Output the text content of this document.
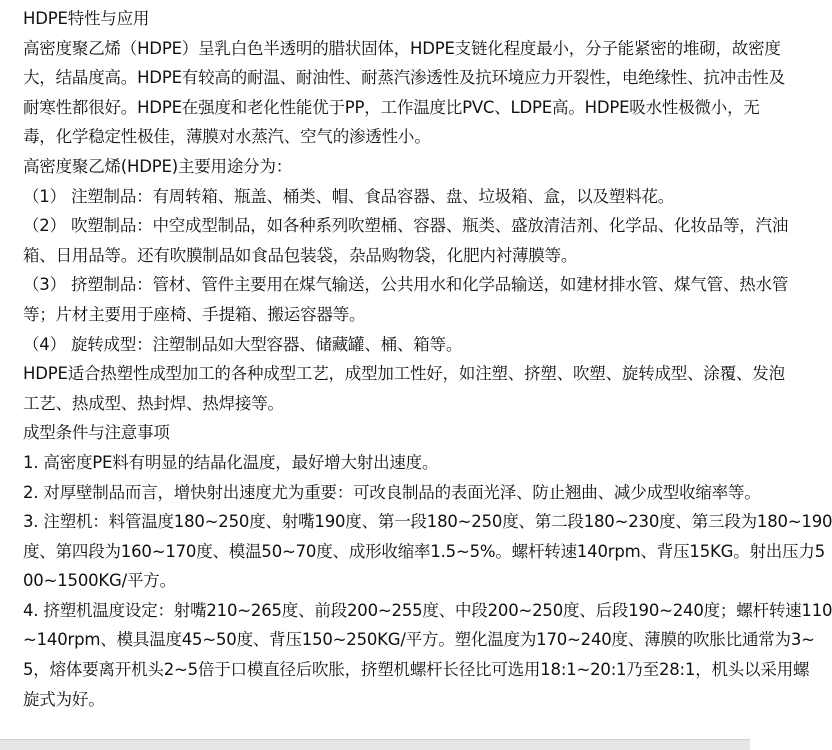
HDPE特性与应用
高密度聚乙烯（HDPE）呈乳白色半透明的腊状固体，HDPE支链化程度最小，分子能紧密的堆砌，故密度
大，结晶度高。HDPE有较高的耐温、耐油性、耐蒸汽渗透性及抗环境应力开裂性，电绝缘性、抗冲击性及
耐寒性都很好。HDPE在强度和老化性能优于PP，工作温度比PVC、LDPE高。HDPE吸水性极微小，无
毒，化学稳定性极佳，薄膜对水蒸汽、空气的渗透性小。
高密度聚乙烯(HDPE)主要用途分为：
（1） 注塑制品：有周转箱、瓶盖、桶类、帽、食品容器、盘、垃圾箱、盒，以及塑料花。
（2） 吹塑制品：中空成型制品，如各种系列吹塑桶、容器、瓶类、盛放清洁剂、化学品、化妆品等，汽油
箱、日用品等。还有吹膜制品如食品包装袋，杂品购物袋，化肥内衬薄膜等。
（3） 挤塑制品：管材、管件主要用在煤气输送，公共用水和化学品输送，如建材排水管、煤气管、热水管
等；片材主要用于座椅、手提箱、搬运容器等。
（4） 旋转成型：注塑制品如大型容器、储藏罐、桶、箱等。
HDPE适合热塑性成型加工的各种成型工艺，成型加工性好，如注塑、挤塑、吹塑、旋转成型、涂覆、发泡
工艺、热成型、热封焊、热焊接等。
成型条件与注意事项
1. 高密度PE料有明显的结晶化温度，最好增大射出速度。
2. 对厚壁制品而言，增快射出速度尤为重要：可改良制品的表面光泽、防止翘曲、减少成型收缩率等。
3. 注塑机：料管温度180~250度、射嘴190度、第一段180~250度、第二段180~230度、第三段为180~190
度、第四段为160~170度、模温50~70度、成形收缩率1.5~5%。螺杆转速140rpm、背压15KG。射出压力5
00~1500KG/平方。
4. 挤塑机温度设定：射嘴210~265度、前段200~255度、中段200~250度、后段190~240度；螺杆转速110
~140rpm、模具温度45~50度、背压150~250KG/平方。塑化温度为170~240度、薄膜的吹胀比通常为3~
5，熔体要离开机头2~5倍于口模直径后吹胀，挤塑机螺杆长径比可选用18:1~20:1乃至28:1，机头以采用螺
旋式为好。
